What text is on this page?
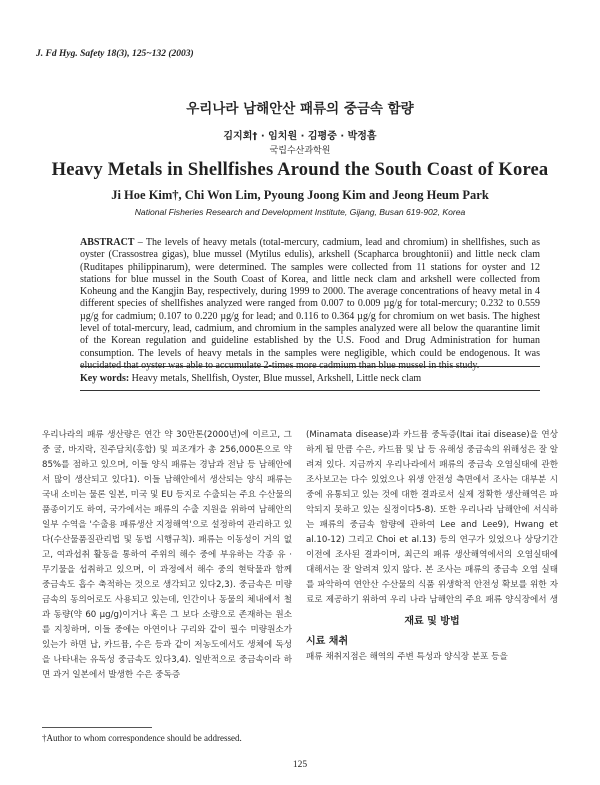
J. Fd Hyg. Safety 18(3), 125~132 (2003)
우리나라 남해안산 패류의 중금속 함량
김지회† · 임치원 · 김평중 · 박정흠
국립수산과학원
Heavy Metals in Shellfishes Around the South Coast of Korea
Ji Hoe Kim†, Chi Won Lim, Pyoung Joong Kim and Jeong Heum Park
National Fisheries Research and Development Institute, Gijang, Busan 619-902, Korea
ABSTRACT – The levels of heavy metals (total-mercury, cadmium, lead and chromium) in shellfishes, such as oyster (Crassostrea gigas), blue mussel (Mytilus edulis), arkshell (Scapharca broughtonii) and little neck clam (Ruditapes philippinarum), were determined. The samples were collected from 11 stations for oyster and 12 stations for blue mussel in the South Coast of Korea, and little neck clam and arkshell were collected from Koheung and the Kangjin Bay, respectively, during 1999 to 2000. The average concentrations of heavy metal in 4 different species of shellfishes analyzed were ranged from 0.007 to 0.009 µg/g for total-mercury; 0.232 to 0.559 µg/g for cadmium; 0.107 to 0.220 µg/g for lead; and 0.116 to 0.364 µg/g for chromium on wet basis. The highest level of total-mercury, lead, cadmium, and chromium in the samples analyzed were all below the quarantine limit of the Korean regulation and guideline established by the U.S. Food and Drug Administration for human consumption. The levels of heavy metals in the samples were negligible, which could be endogenous. It was elucidated that oyster was able to accumulate 2-times more cadmium than blue mussel in this study.
Key words: Heavy metals, Shellfish, Oyster, Blue mussel, Arkshell, Little neck clam
우리나라의 패류 생산량은 연간 약 30만톤(2000년)에 이르고, 그 중 굴, 바지락, 진주담치(홍합) 및 피조개가 총 256,000톤으로 약 85%를 점하고 있으며, 이들 양식 패류는 경남과 전남 등 남해안에서 많이 생산되고 있다1). 이들 남해안에서 생산되는 양식 패류는 국내 소비는 물론 일본, 미국 및 EU 등지로 수출되는 주요 수산물의 품종이기도 하여, 국가에서는 패류의 수출 지원을 위하여 남해안의 일부 수역을 '수출용 패류생산 지정해역'으로 설정하여 관리하고 있다(수산물품질관리법 및 동법 시행규칙). 패류는 이동성이 거의 없고, 여과섭취 활동을 통하여 주위의 해수 중에 부유하는 각종 유 · 무기물을 섭취하고 있으며, 이 과정에서 해수 중의 현탁물과 함께 중금속도 흡수 축적하는 것으로 생각되고 있다2,3). 중금속은 미량금속의 동의어로도 사용되고 있는데, 인간이나 동물의 체내에서 철과 동량(약 60 µg/g)이거나 혹은 그 보다 소량으로 존재하는 원소를 지칭하며, 이들 중에는 아연이나 구리와 같이 필수 미량원소가 있는가 하면 납, 카드뮴, 수은 등과 같이 저농도에서도 생체에 독성을 나타내는 유독성 중금속도 있다3,4). 일반적으로 중금속이라 하면 과거 일본에서 발생한 수은 중독증
(Minamata disease)과 카드뮴 중독증(Itai itai disease)을 연상하게 될 만큼 수은, 카드뮴 및 납 등 유해성 중금속의 위해성은 잘 알려져 있다. 지금까지 우리나라에서 패류의 중금속 오염실태에 관한 조사보고는 다수 있었으나 위생 안전성 측면에서 조사는 대부분 시중에 유통되고 있는 것에 대한 결과로서 실제 정확한 생산해역은 파악되지 못하고 있는 실정이다5-8). 또한 우리나라 남해안에 서식하는 패류의 중금속 함량에 관하여 Lee and Lee9), Hwang et al.10-12) 그리고 Choi et al.13) 등의 연구가 있었으나 상당기간 이전에 조사된 결과이며, 최근의 패류 생산해역에서의 오염실태에 대해서는 잘 알려져 있지 않다. 본 조사는 패류의 중금속 오염 실태를 파악하여 연안산 수산물의 식품 위생학적 안전성 확보를 위한 자료로 제공하기 위하여 우리 나라 남해안의 주요 패류 양식장에서 생
재료 및 방법
시료 채취
패류 채취지점은 해역의 주변 특성과 양식장 분포 등을
†Author to whom correspondence should be addressed.
125
